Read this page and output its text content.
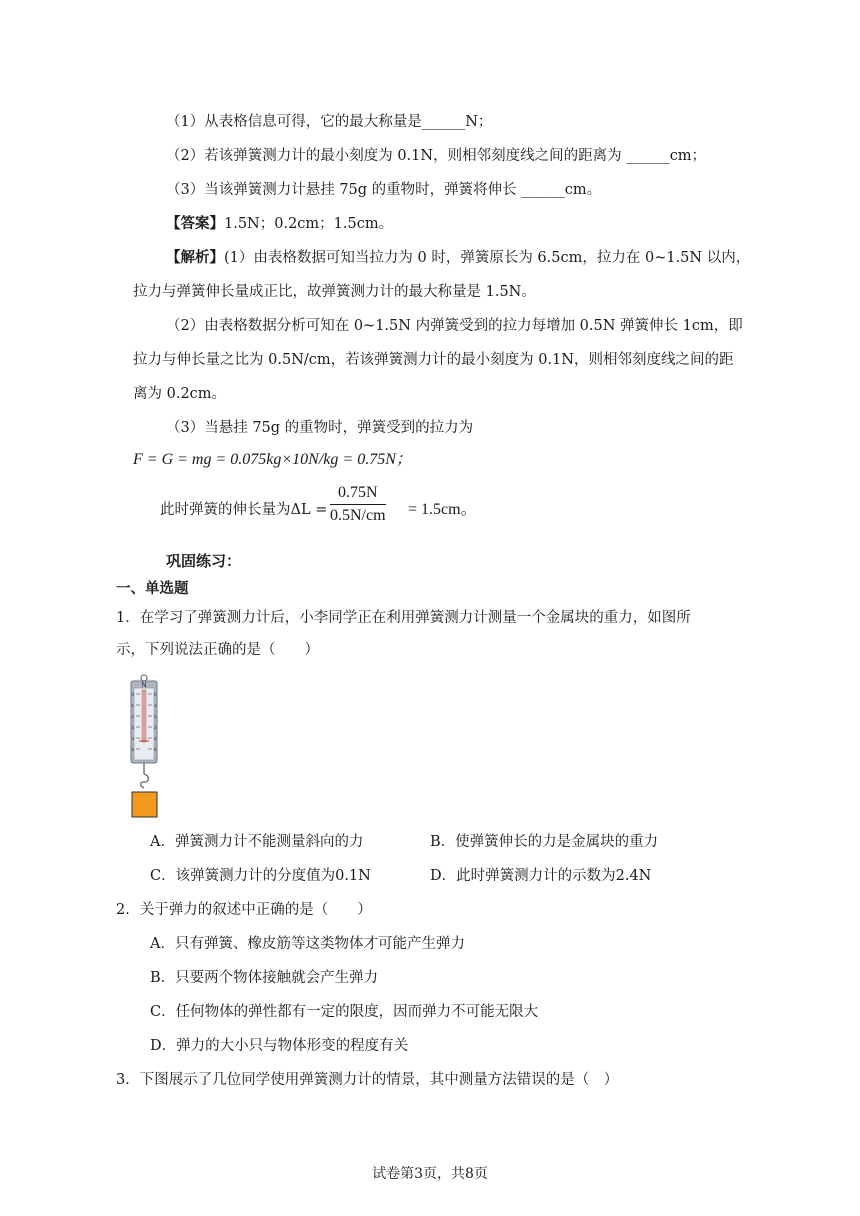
（1）从表格信息可得，它的最大称量是______N；
（2）若该弹簧测力计的最小刻度为 0.1N，则相邻刻度线之间的距离为 ______cm；
（3）当该弹簧测力计悬挂 75g 的重物时，弹簧将伸长 ______cm。
【答案】1.5N；0.2cm；1.5cm。
【解析】(1）由表格数据可知当拉力为 0 时，弹簧原长为 6.5cm，拉力在 0~1.5N 以内，
拉力与弹簧伸长量成正比，故弹簧测力计的最大称量是 1.5N。
（2）由表格数据分析可知在 0~1.5N 内弹簧受到的拉力每增加 0.5N 弹簧伸长 1cm，即
拉力与伸长量之比为 0.5N/cm，若该弹簧测力计的最小刻度为 0.1N，则相邻刻度线之间的距
离为 0.2cm。
（3）当悬挂 75g 的重物时，弹簧受到的拉力为
F = G = mg = 0.075kg×10N/kg = 0.75N；
此时弹簧的伸长量为$\Delta L = \frac{0.75N}{0.5N/cm} = 1.5cm$。
巩固练习：
一、单选题
1．在学习了弹簧测力计后，小李同学正在利用弹簧测力计测量一个金属块的重力，如图所
示，下列说法正确的是（　　）
N
0	0
1	1
2	2
3	3
4	4
5	5
A．弹簧测力计不能测量斜向的力	B．使弹簧伸长的力是金属块的重力
C．该弹簧测力计的分度值为0.1N	D．此时弹簧测力计的示数为2.4N
2．关于弹力的叙述中正确的是（　　）
A．只有弹簧、橡皮筋等这类物体才可能产生弹力
B．只要两个物体接触就会产生弹力
C．任何物体的弹性都有一定的限度，因而弹力不可能无限大
D．弹力的大小只与物体形变的程度有关
3．下图展示了几位同学使用弹簧测力计的情景，其中测量方法错误的是（　）
试卷第3页，共8页
